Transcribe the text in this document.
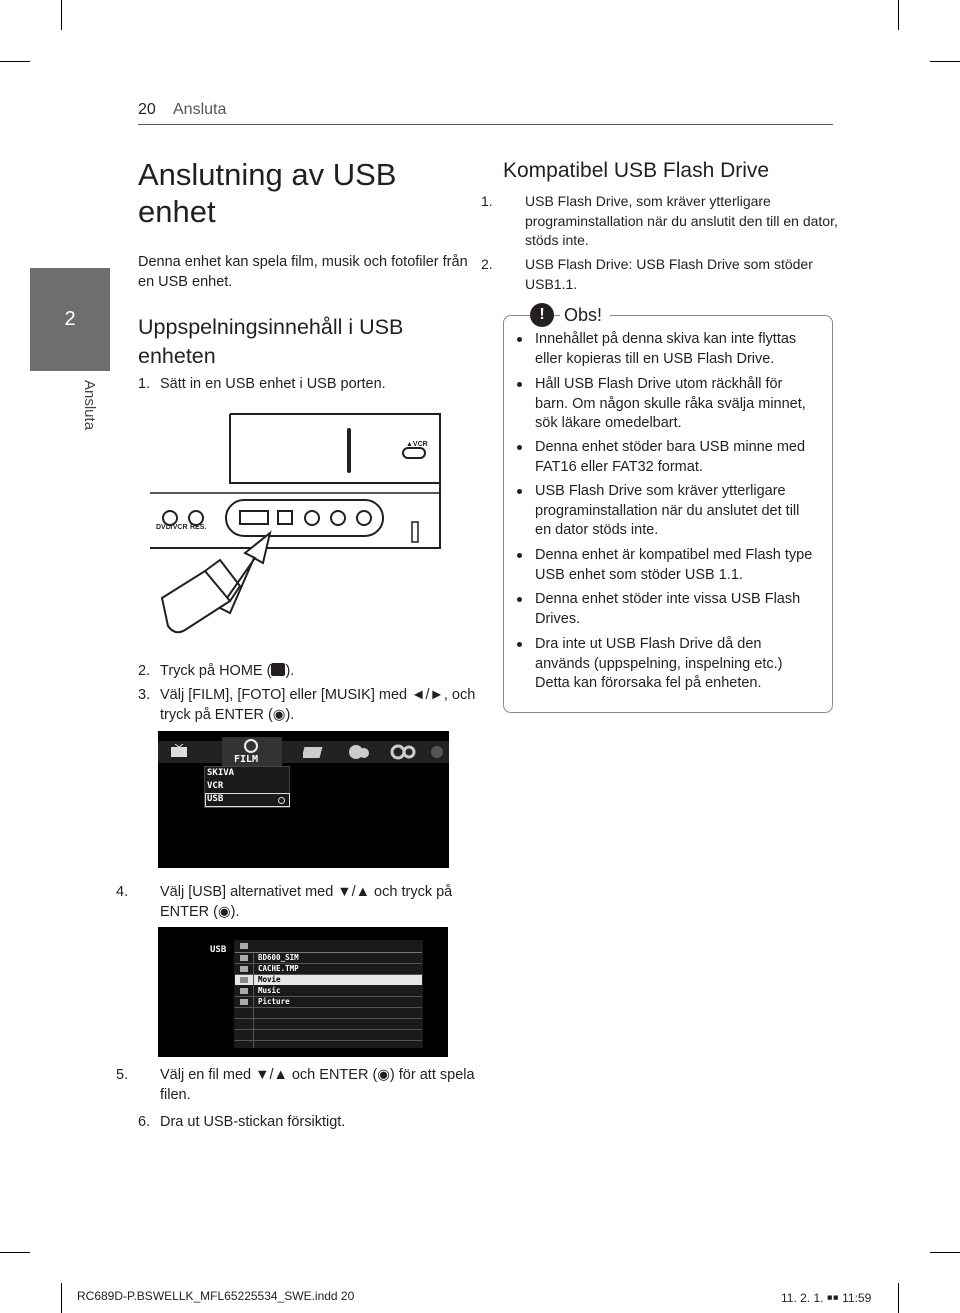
20 Ansluta
2
Ansluta
Anslutning av USB enhet
Denna enhet kan spela film, musik och fotofiler från en USB enhet.
Uppspelningsinnehåll i USB enheten
1. Sätt in en USB enhet i USB porten.
DVD/VCR RES.
▲VCR
2. Tryck på HOME ( ).
3. Välj [FILM], [FOTO] eller [MUSIK] med ◄/►, och tryck på ENTER (◉).
FILM
SKIVA
VCR
USB
4. Välj [USB] alternativet med ▼/▲ och tryck på ENTER (◉).
USB
BD600_SIM
CACHE.TMP
Movie
Music
Picture
5. Välj en fil med ▼/▲ och ENTER (◉) för att spela filen.
6. Dra ut USB-stickan försiktigt.
Kompatibel USB Flash Drive
1. USB Flash Drive, som kräver ytterligare programinstallation när du anslutit den till en dator, stöds inte.
2. USB Flash Drive: USB Flash Drive som stöder USB1.1.
!	Obs!
Innehållet på denna skiva kan inte flyttas eller kopieras till en USB Flash Drive.
Håll USB Flash Drive utom räckhåll för barn. Om någon skulle råka svälja minnet, sök läkare omedelbart.
Denna enhet stöder bara USB minne med FAT16 eller FAT32 format.
USB Flash Drive som kräver ytterligare programinstallation när du anslutet det till en dator stöds inte.
Denna enhet är kompatibel med Flash type USB enhet som stöder USB 1.1.
Denna enhet stöder inte vissa USB Flash Drives.
Dra inte ut USB Flash Drive då den används (uppspelning, inspelning etc.) Detta kan förorsaka fel på enheten.
RC689D-P.BSWELLK_MFL65225534_SWE.indd 20	11. 2. 1. ￭￭ 11:59
